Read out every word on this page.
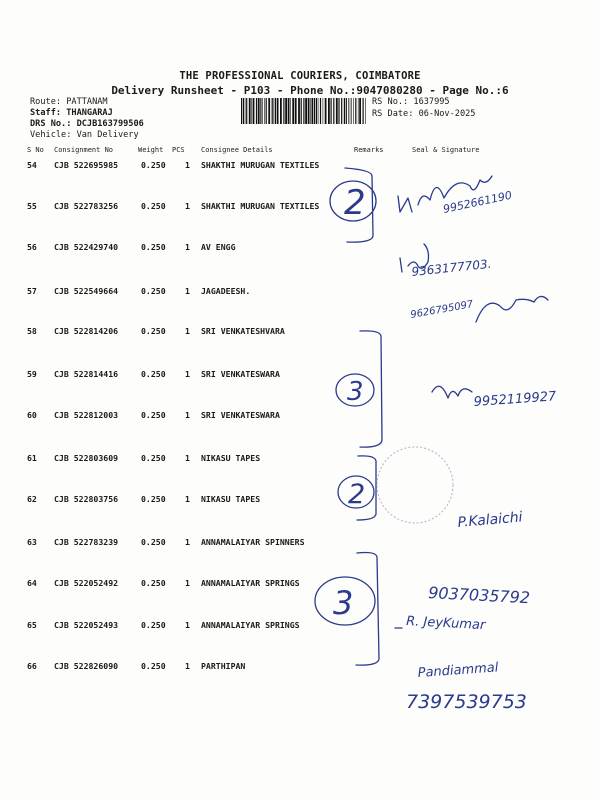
THE PROFESSIONAL COURIERS, COIMBATORE
Delivery Runsheet - P103 - Phone No.:9047080280 - Page No.:6
Route: PATTANAM
Staff: THANGARAJ
DRS No.: DCJB163799506
Vehicle: Van Delivery
RS No.: 1637995
RS Date: 06-Nov-2025
S No Consignment No	Weight PCS Consignee Details	Remarks	Seal & Signature
54 CJB 522695985	0.250 1 SHAKTHI MURUGAN TEXTILES
55 CJB 522783256	0.250 1 SHAKTHI MURUGAN TEXTILES
56 CJB 522429740	0.250 1 AV ENGG
57 CJB 522549664	0.250 1 JAGADEESH.
58 CJB 522814206	0.250 1 SRI VENKATESHVARA
59 CJB 522814416	0.250 1 SRI VENKATESWARA
60 CJB 522812003	0.250 1 SRI VENKATESWARA
61 CJB 522803609	0.250 1 NIKASU TAPES
62 CJB 522803756	0.250 1 NIKASU TAPES
63 CJB 522783239	0.250 1 ANNAMALAIYAR SPINNERS
64 CJB 522052492	0.250 1 ANNAMALAIYAR SPRINGS
65 CJB 522052493	0.250 1 ANNAMALAIYAR SPRINGS
66 CJB 522826090	0.250 1 PARTHIPAN
2
3
2
3
9952661190
9363177703.
9626795097
9952119927
P.Kalaichi
9037035792
R. JeyKumar
Pandiammal
7397539753
